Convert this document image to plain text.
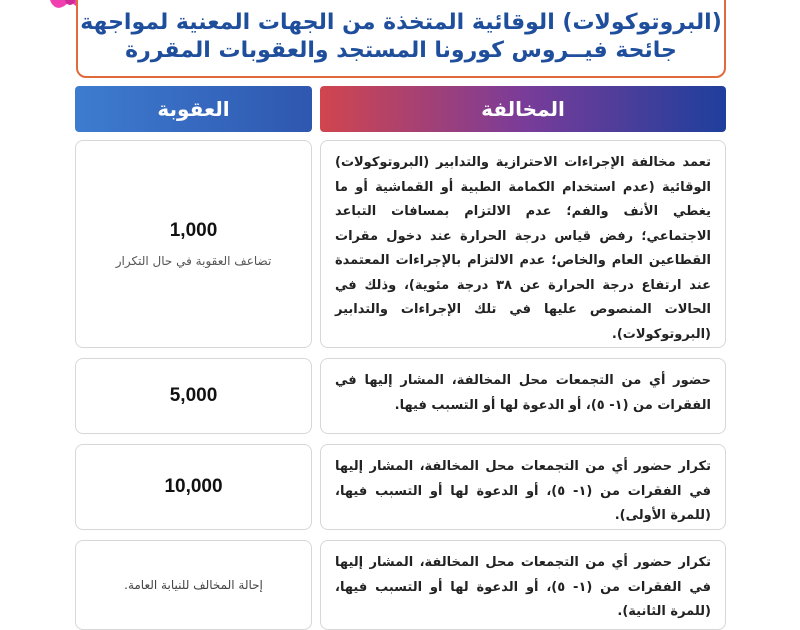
(البروتوكولات) الوقائية المتخذة من الجهات المعنية لمواجهة
جائحة فيــروس كورونا المستجد والعقوبات المقررة
المخالفة
العقوبة
تعمد مخالفة الإجراءات الاحترازية والتدابير (البروتوكولات) الوقائية (عدم استخدام الكمامة الطبية أو القماشية أو ما يغطي الأنف والفم؛ عدم الالتزام بمسافات التباعد الاجتماعي؛ رفض قياس درجة الحرارة عند دخول مقرات القطاعين العام والخاص؛ عدم الالتزام بالإجراءات المعتمدة عند ارتفاع درجة الحرارة عن ٣٨ درجة مئوية)، وذلك في الحالات المنصوص عليها في تلك الإجراءات والتدابير (البروتوكولات).
1,000
تضاعف العقوبة في حال التكرار
حضور أي من التجمعات محل المخالفة، المشار إليها في الفقرات من (١- ٥)، أو الدعوة لها أو التسبب فيها.
5,000
تكرار حضور أي من التجمعات محل المخالفة، المشار إليها في الفقرات من (١- ٥)، أو الدعوة لها أو التسبب فيها، (للمرة الأولى).
10,000
تكرار حضور أي من التجمعات محل المخالفة، المشار إليها في الفقرات من (١- ٥)، أو الدعوة لها أو التسبب فيها، (للمرة الثانية).
إحالة المخالف للنيابة العامة.
